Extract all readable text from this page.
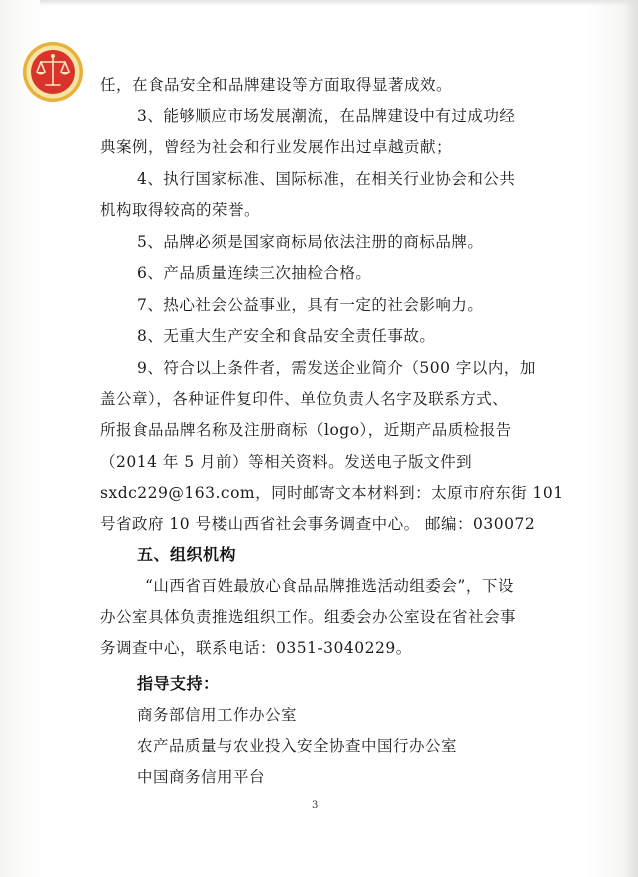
任，在食品安全和品牌建设等方面取得显著成效。
3、能够顺应市场发展潮流，在品牌建设中有过成功经
典案例，曾经为社会和行业发展作出过卓越贡献；
4、执行国家标准、国际标准，在相关行业协会和公共
机构取得较高的荣誉。
5、品牌必须是国家商标局依法注册的商标品牌。
6、产品质量连续三次抽检合格。
7、热心社会公益事业，具有一定的社会影响力。
8、无重大生产安全和食品安全责任事故。
9、符合以上条件者，需发送企业简介（500 字以内，加
盖公章），各种证件复印件、单位负责人名字及联系方式、
所报食品品牌名称及注册商标（logo），近期产品质检报告
（2014 年 5 月前）等相关资料。发送电子版文件到
sxdc229@163.com，同时邮寄文本材料到：太原市府东街 101
号省政府 10 号楼山西省社会事务调查中心。 邮编：030072
五、组织机构
“山西省百姓最放心食品品牌推选活动组委会”，下设
办公室具体负责推选组织工作。组委会办公室设在省社会事
务调查中心，联系电话：0351-3040229。
指导支持：
商务部信用工作办公室
农产品质量与农业投入安全协查中国行办公室
中国商务信用平台
3
